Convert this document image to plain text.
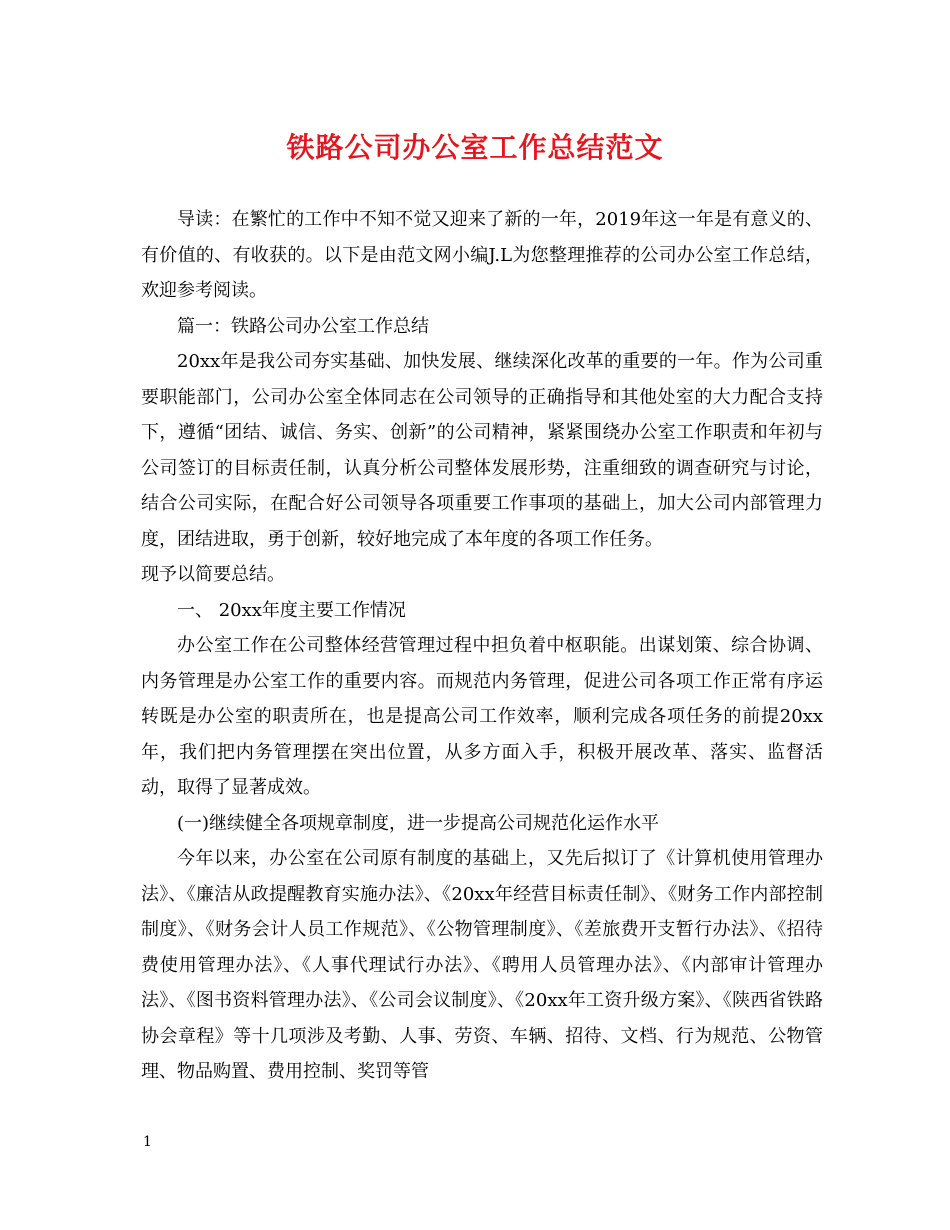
铁路公司办公室工作总结范文

导读：在繁忙的工作中不知不觉又迎来了新的一年，2019年这一年是有意义的、有价值的、有收获的。以下是由范文网小编J.L为您整理推荐的公司办公室工作总结，欢迎参考阅读。

篇一：铁路公司办公室工作总结

20xx年是我公司夯实基础、加快发展、继续深化改革的重要的一年。作为公司重要职能部门，公司办公室全体同志在公司领导的正确指导和其他处室的大力配合支持下，遵循“团结、诚信、务实、创新”的公司精神，紧紧围绕办公室工作职责和年初与公司签订的目标责任制，认真分析公司整体发展形势，注重细致的调查研究与讨论，结合公司实际，在配合好公司领导各项重要工作事项的基础上，加大公司内部管理力度，团结进取，勇于创新，较好地完成了本年度的各项工作任务。

现予以简要总结。

一、 20xx年度主要工作情况

办公室工作在公司整体经营管理过程中担负着中枢职能。出谋划策、综合协调、内务管理是办公室工作的重要内容。而规范内务管理，促进公司各项工作正常有序运转既是办公室的职责所在，也是提高公司工作效率，顺利完成各项任务的前提20xx年，我们把内务管理摆在突出位置，从多方面入手，积极开展改革、落实、监督活动，取得了显著成效。

(一)继续健全各项规章制度，进一步提高公司规范化运作水平

今年以来，办公室在公司原有制度的基础上，又先后拟订了《计算机使用管理办法》、《廉洁从政提醒教育实施办法》、《20xx年经营目标责任制》、《财务工作内部控制制度》、《财务会计人员工作规范》、《公物管理制度》、《差旅费开支暂行办法》、《招待费使用管理办法》、《人事代理试行办法》、《聘用人员管理办法》、《内部审计管理办法》、《图书资料管理办法》、《公司会议制度》、《20xx年工资升级方案》、《陕西省铁路协会章程》等十几项涉及考勤、人事、劳资、车辆、招待、文档、行为规范、公物管理、物品购置、费用控制、奖罚等管

1
